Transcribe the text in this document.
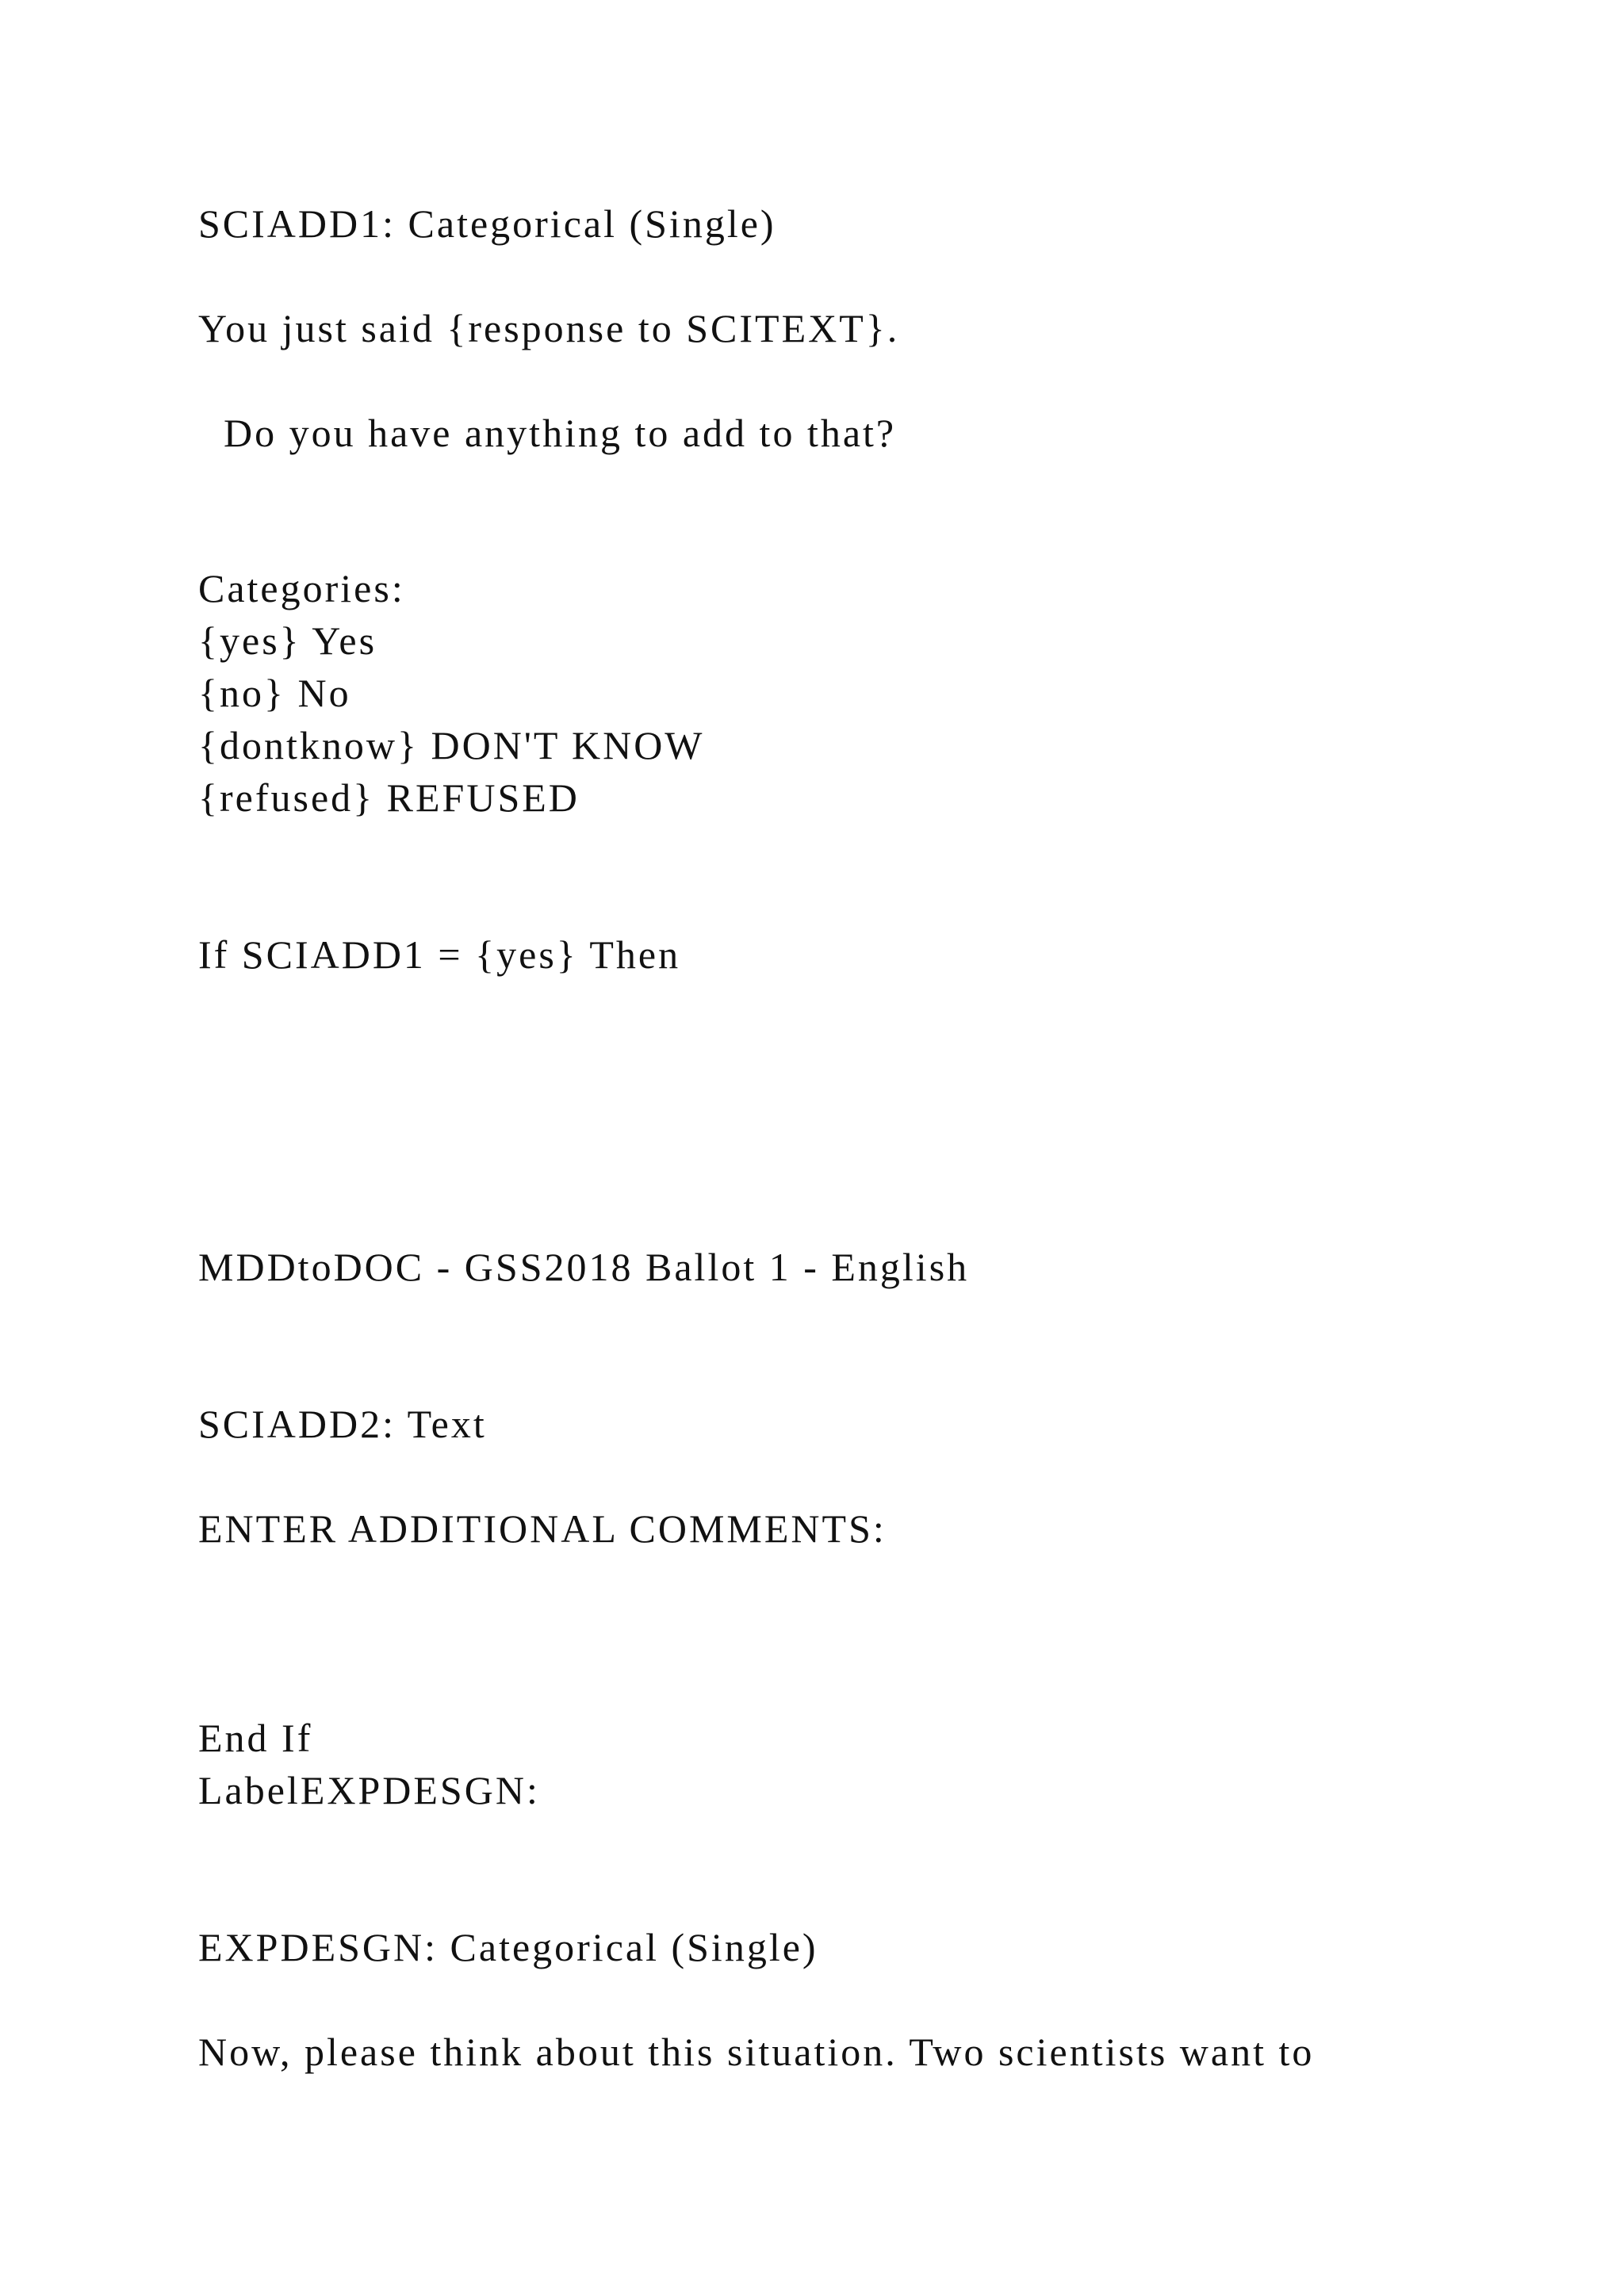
SCIADD1: Categorical (Single)
You just said {response to SCITEXT}.
Do you have anything to add to that?
Categories:
{yes} Yes
{no} No
{dontknow} DON'T KNOW
{refused} REFUSED
If SCIADD1 = {yes} Then
MDDtoDOC - GSS2018 Ballot 1 - English
SCIADD2: Text
ENTER ADDITIONAL COMMENTS:
End If
LabelEXPDESGN:
EXPDESGN: Categorical (Single)
Now, please think about this situation. Two scientists want to
